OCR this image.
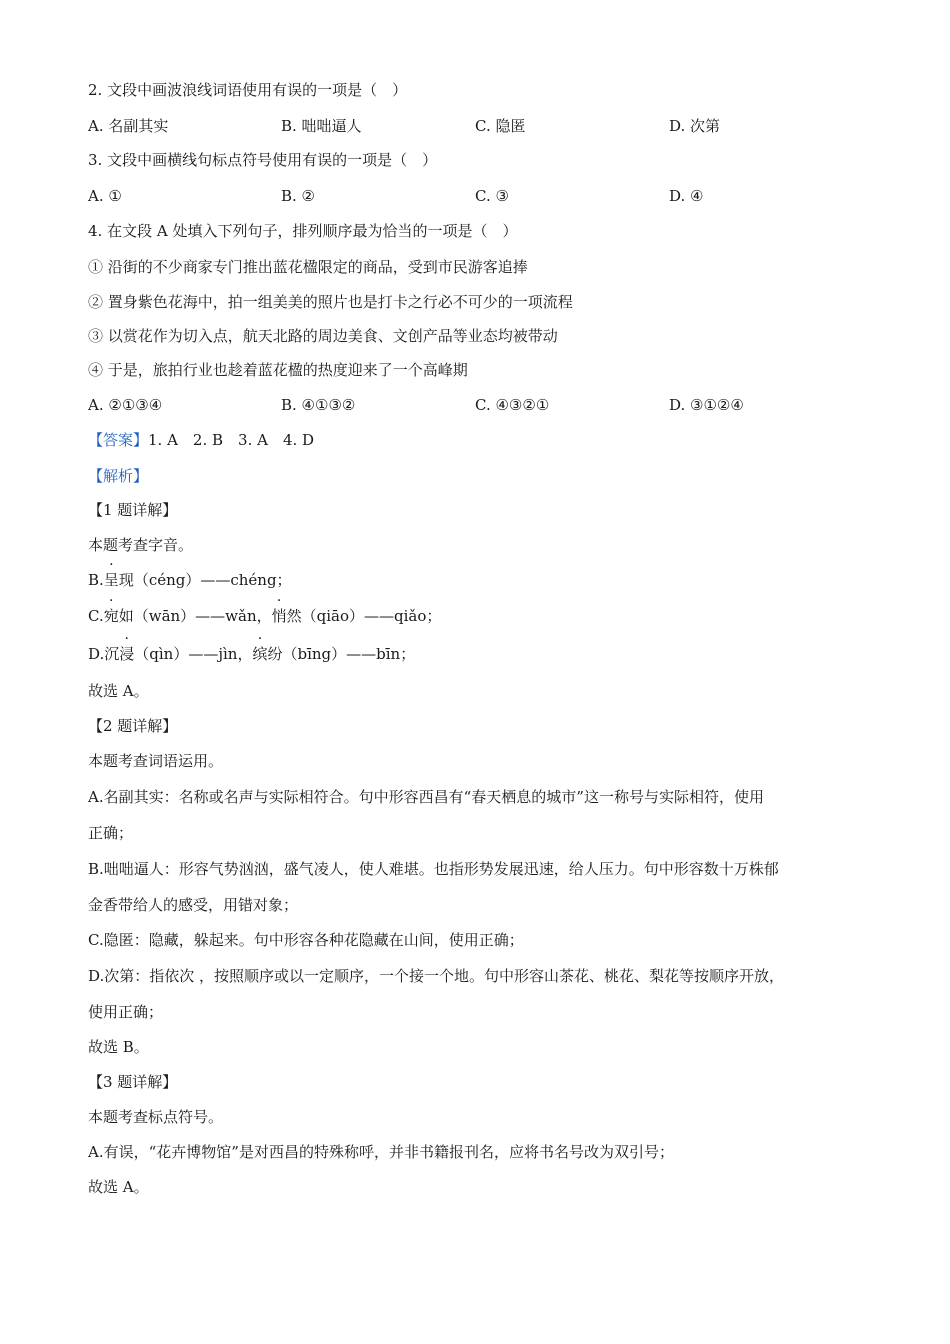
2. 文段中画波浪线词语使用有误的一项是（　）
A. 名副其实	B. 咄咄逼人	C. 隐匿	D. 次第
3. 文段中画横线句标点符号使用有误的一项是（　）
A. ①	B. ②	C. ③	D. ④
4. 在文段 A 处填入下列句子，排列顺序最为恰当的一项是（　）
① 沿街的不少商家专门推出蓝花楹限定的商品，受到市民游客追捧
② 置身紫色花海中，拍一组美美的照片也是打卡之行必不可少的一项流程
③ 以赏花作为切入点，航天北路的周边美食、文创产品等业态均被带动
④ 于是，旅拍行业也趁着蓝花楹的热度迎来了一个高峰期
A. ②①③④	B. ④①③②	C. ④③②①	D. ③①②④
【答案】1. A　2. B　3. A　4. D
【解析】
【1 题详解】
本题考查字音。
B.呈现（céng）——chéng；
C.宛如（wān）——wǎn，悄然（qiāo）——qiǎo；
D.沉浸（qìn）——jìn，缤纷（bīng）——bīn；
故选 A。
【2 题详解】
本题考查词语运用。
A.名副其实：名称或名声与实际相符合。句中形容西昌有“春天栖息的城市”这一称号与实际相符，使用
正确；
B.咄咄逼人：形容气势汹汹，盛气凌人，使人难堪。也指形势发展迅速，给人压力。句中形容数十万株郁
金香带给人的感受，用错对象；
C.隐匿：隐藏，躲起来。句中形容各种花隐藏在山间，使用正确；
D.次第：指依次 ，按照顺序或以一定顺序，一个接一个地。句中形容山茶花、桃花、梨花等按顺序开放，
使用正确；
故选 B。
【3 题详解】
本题考查标点符号。
A.有误，“花卉博物馆”是对西昌的特殊称呼，并非书籍报刊名，应将书名号改为双引号；
故选 A。
